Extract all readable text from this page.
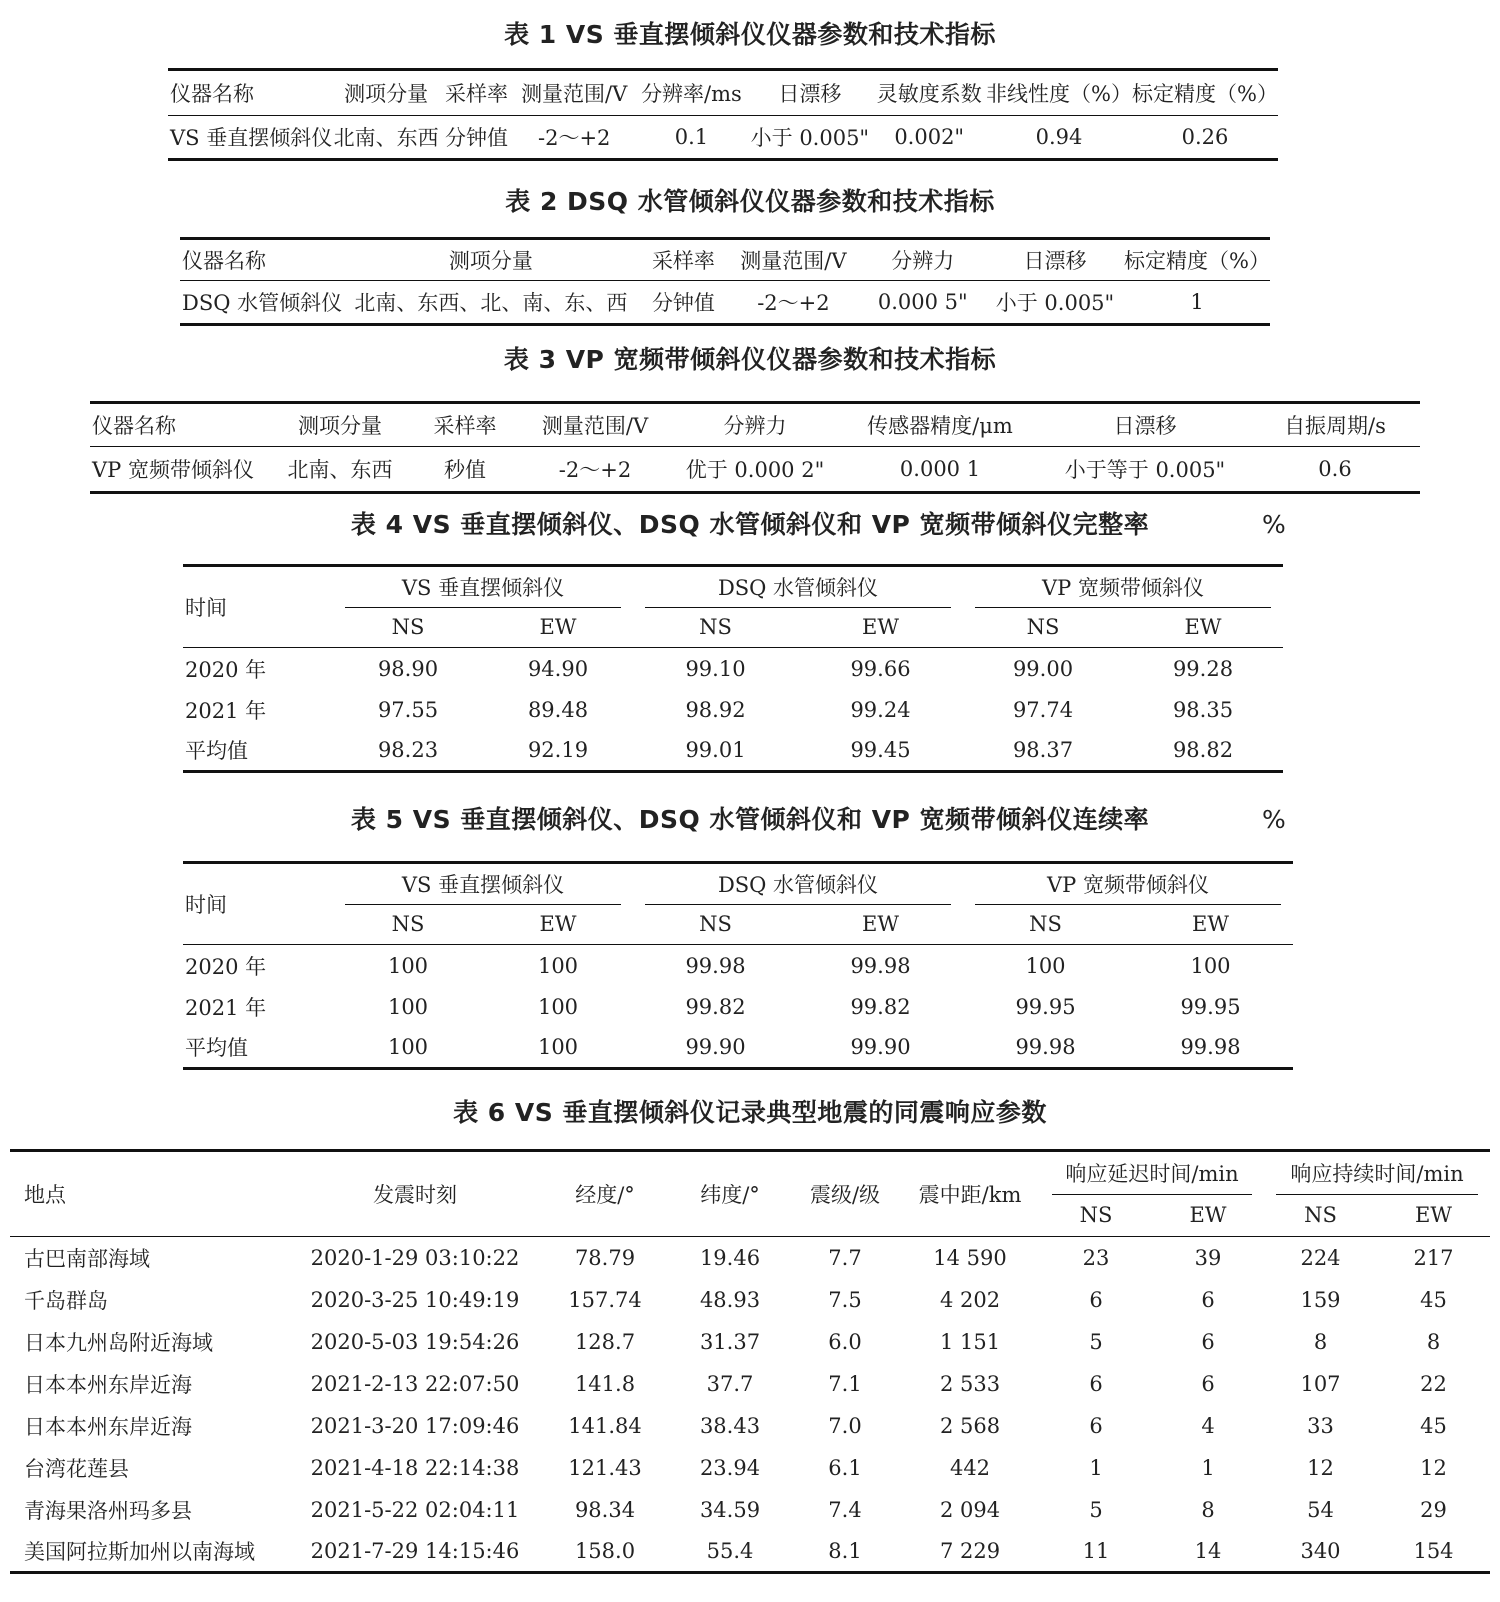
表 1 VS 垂直摆倾斜仪仪器参数和技术指标
仪器名称	测项分量	采样率	测量范围/V	分辨率/ms	日漂移	灵敏度系数	非线性度（%）	标定精度（%）
VS 垂直摆倾斜仪	北南、东西	分钟值	-2～+2	0.1	小于 0.005"	0.002"	0.94	0.26
表 2 DSQ 水管倾斜仪仪器参数和技术指标
仪器名称	测项分量	采样率	测量范围/V	分辨力	日漂移	标定精度（%）
DSQ 水管倾斜仪	北南、东西、北、南、东、西	分钟值	-2～+2	0.000 5"	小于 0.005"	1
表 3 VP 宽频带倾斜仪仪器参数和技术指标
仪器名称	测项分量	采样率	测量范围/V	分辨力	传感器精度/μm	日漂移	自振周期/s
VP 宽频带倾斜仪	北南、东西	秒值	-2～+2	优于 0.000 2"	0.000 1	小于等于 0.005"	0.6
表 4 VS 垂直摆倾斜仪、DSQ 水管倾斜仪和 VP 宽频带倾斜仪完整率	%
时间	VS 垂直摆倾斜仪		DSQ 水管倾斜仪		VP 宽频带倾斜仪	
	NS	EW	NS	EW	NS	EW
2020 年	98.90	94.90	99.10	99.66	99.00	99.28
2021 年	97.55	89.48	98.92	99.24	97.74	98.35
平均值	98.23	92.19	99.01	99.45	98.37	98.82
表 5 VS 垂直摆倾斜仪、DSQ 水管倾斜仪和 VP 宽频带倾斜仪连续率	%
时间	VS 垂直摆倾斜仪		DSQ 水管倾斜仪		VP 宽频带倾斜仪	
	NS	EW	NS	EW	NS	EW
2020 年	100	100	99.98	99.98	100	100
2021 年	100	100	99.82	99.82	99.95	99.95
平均值	100	100	99.90	99.90	99.98	99.98
表 6 VS 垂直摆倾斜仪记录典型地震的同震响应参数
地点	发震时刻	经度/°	纬度/°	震级/级	震中距/km	响应延迟时间/min		响应持续时间/min	
						NS	EW	NS	EW
古巴南部海域	2020-1-29 03:10:22	78.79	19.46	7.7	14 590	23	39	224	217
千岛群岛	2020-3-25 10:49:19	157.74	48.93	7.5	4 202	6	6	159	45
日本九州岛附近海域	2020-5-03 19:54:26	128.7	31.37	6.0	1 151	5	6	8	8
日本本州东岸近海	2021-2-13 22:07:50	141.8	37.7	7.1	2 533	6	6	107	22
日本本州东岸近海	2021-3-20 17:09:46	141.84	38.43	7.0	2 568	6	4	33	45
台湾花莲县	2021-4-18 22:14:38	121.43	23.94	6.1	442	1	1	12	12
青海果洛州玛多县	2021-5-22 02:04:11	98.34	34.59	7.4	2 094	5	8	54	29
美国阿拉斯加州以南海域	2021-7-29 14:15:46	158.0	55.4	8.1	7 229	11	14	340	154
